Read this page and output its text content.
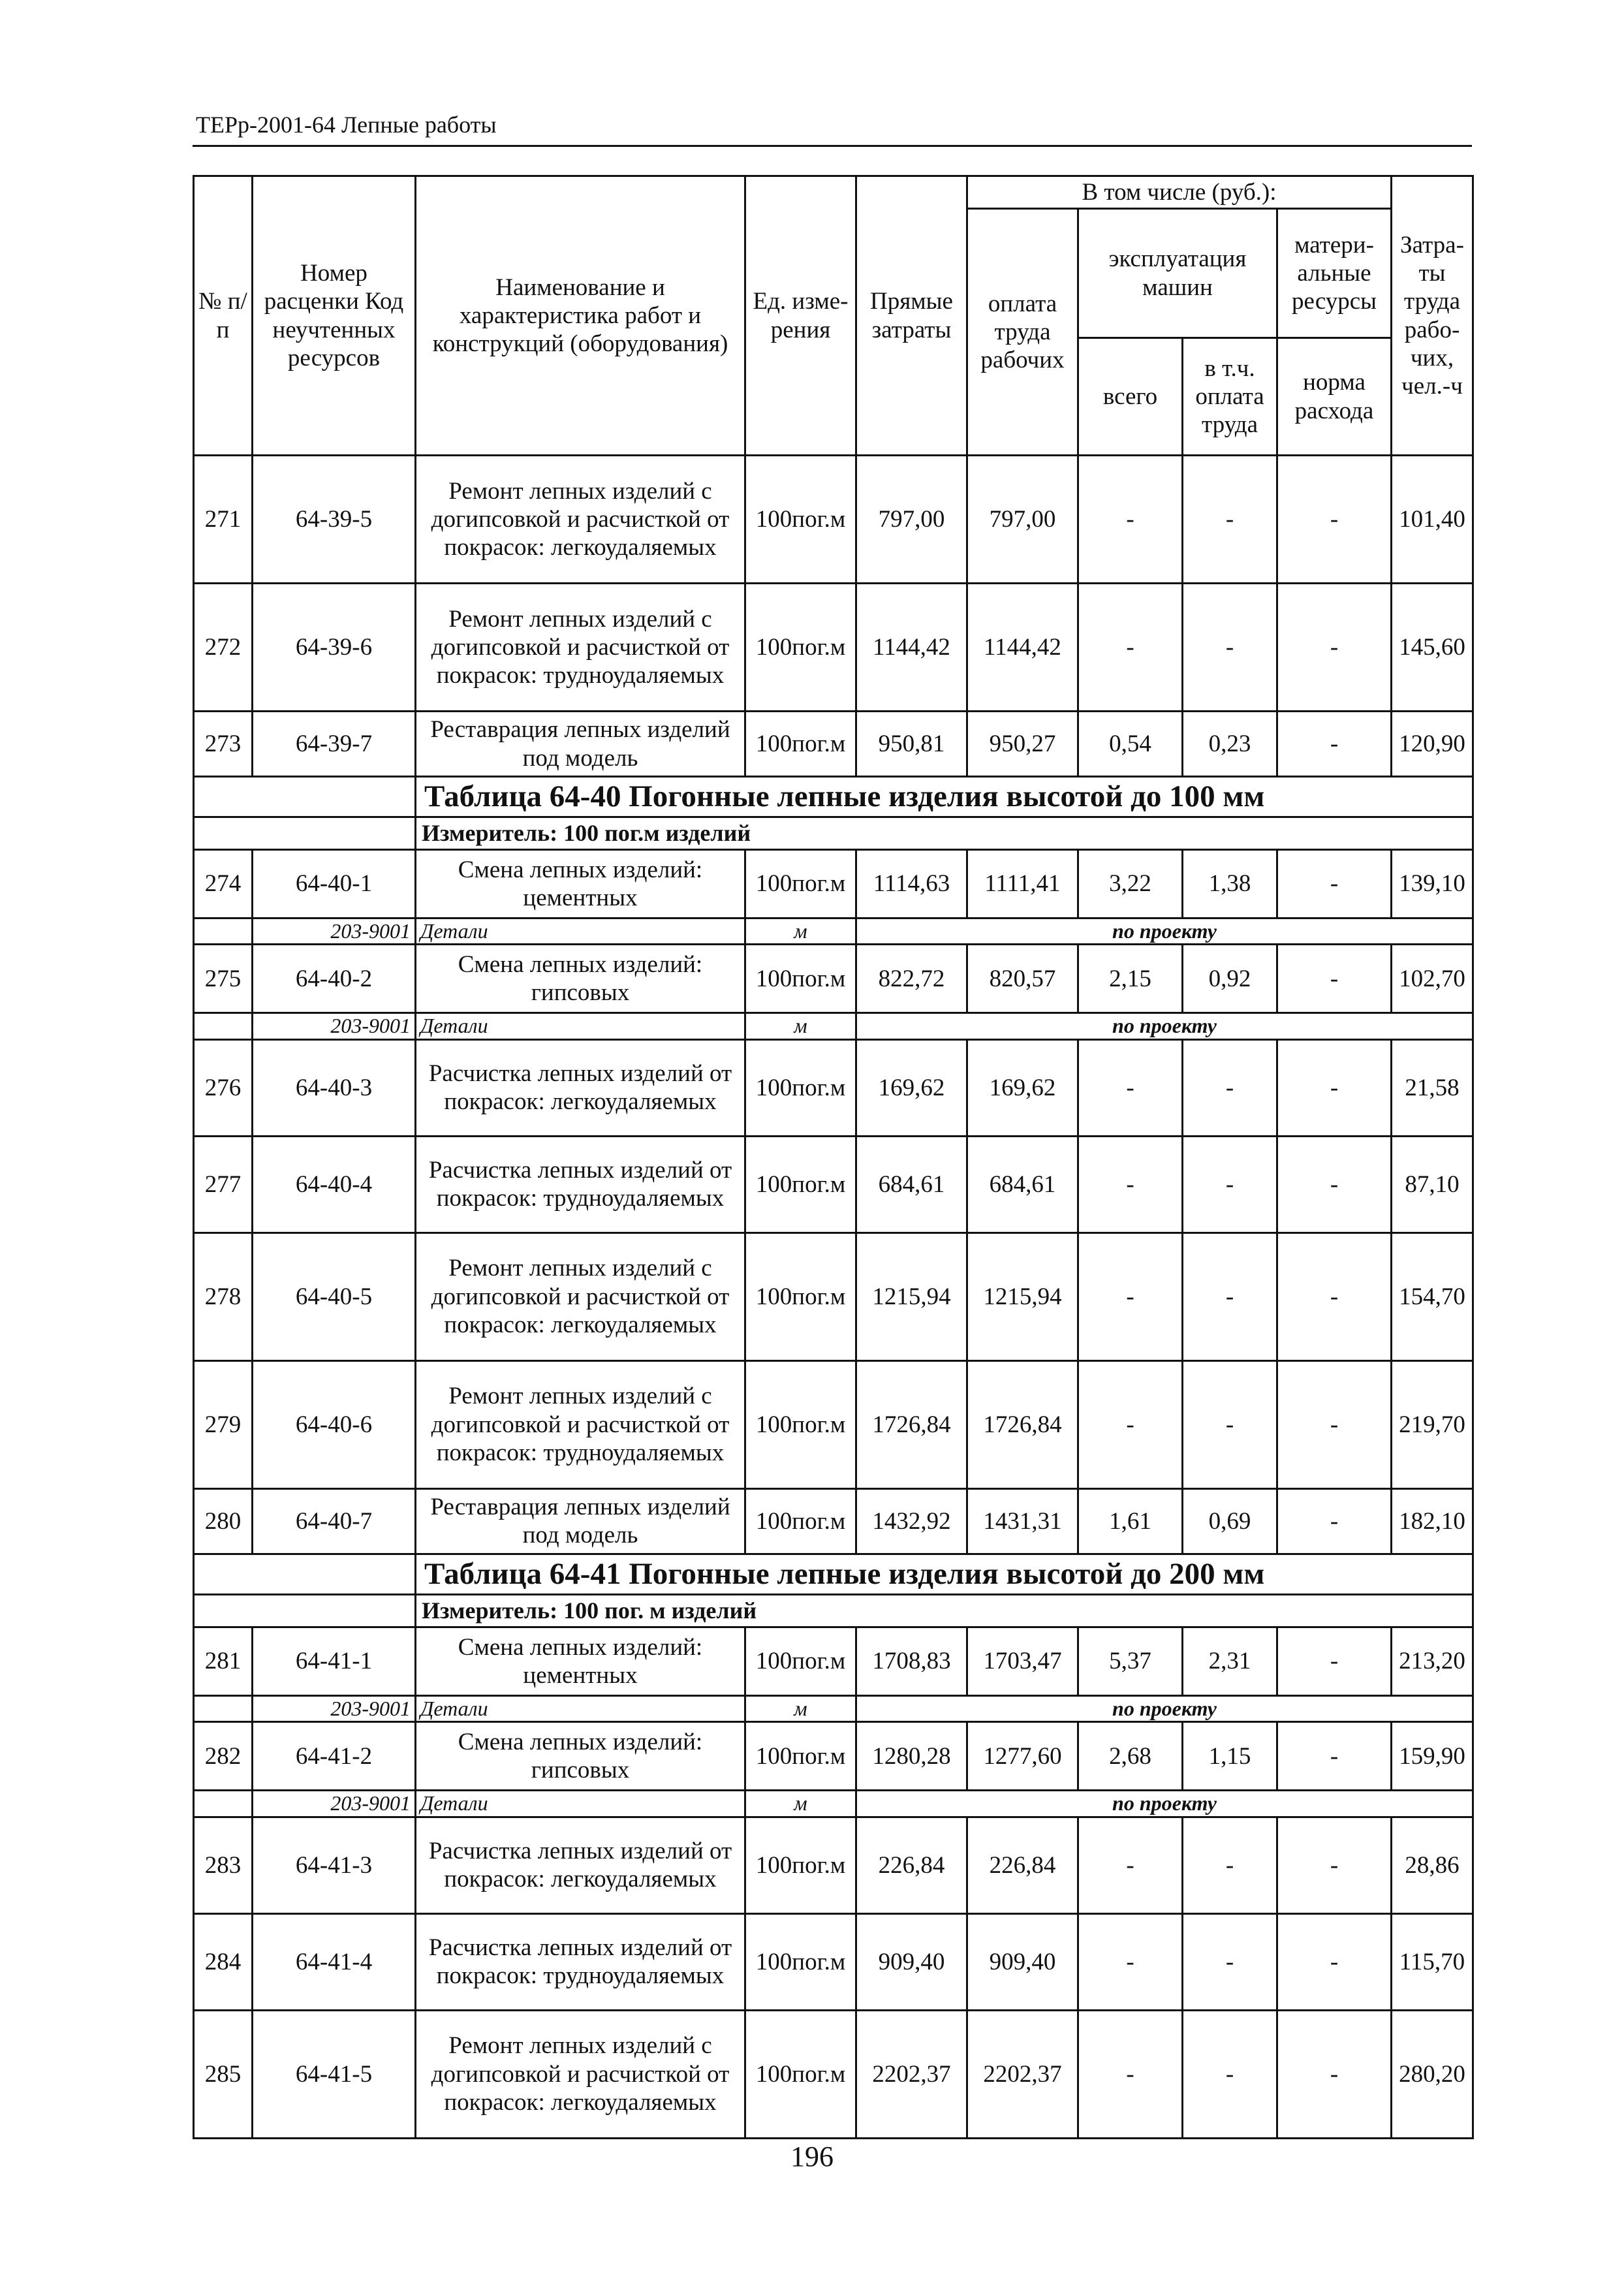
ТЕРр-2001-64 Лепные работы
№ п/п	Номер расценки Код неучтенных ресурсов	Наименование и характеристика работ и конструкций (оборудования)	Ед. изме-рения	Прямые затраты	В том числе (руб.):				Затра-ты труда рабо-чих, чел.-ч
					оплата труда рабочих	эксплуатация машин		матери-альные ресурсы	
						всего	в т.ч. оплата труда	норма расхода	

271	64-39-5	Ремонт лепных изделий с догипсовкой и расчисткой от покрасок: легкоудаляемых	100пог.м	797,00	797,00	-	-	-	101,40
272	64-39-6	Ремонт лепных изделий с догипсовкой и расчисткой от покрасок: трудноудаляемых	100пог.м	1144,42	1144,42	-	-	-	145,60
273	64-39-7	Реставрация лепных изделий под модель	100пог.м	950,81	950,27	0,54	0,23	-	120,90
		Таблица 64-40 Погонные лепные изделия высотой до 100 мм							
		Измеритель: 100 пог.м изделий							
274	64-40-1	Смена лепных изделий: цементных	100пог.м	1114,63	1111,41	3,22	1,38	-	139,10
	203-9001	Детали	м	по проекту					
275	64-40-2	Смена лепных изделий: гипсовых	100пог.м	822,72	820,57	2,15	0,92	-	102,70
	203-9001	Детали	м	по проекту					
276	64-40-3	Расчистка лепных изделий от покрасок: легкоудаляемых	100пог.м	169,62	169,62	-	-	-	21,58
277	64-40-4	Расчистка лепных изделий от покрасок: трудноудаляемых	100пог.м	684,61	684,61	-	-	-	87,10
278	64-40-5	Ремонт лепных изделий с догипсовкой и расчисткой от покрасок: легкоудаляемых	100пог.м	1215,94	1215,94	-	-	-	154,70
279	64-40-6	Ремонт лепных изделий с догипсовкой и расчисткой от покрасок: трудноудаляемых	100пог.м	1726,84	1726,84	-	-	-	219,70
280	64-40-7	Реставрация лепных изделий под модель	100пог.м	1432,92	1431,31	1,61	0,69	-	182,10
		Таблица 64-41 Погонные лепные изделия высотой до 200 мм							
		Измеритель: 100 пог. м изделий							
281	64-41-1	Смена лепных изделий: цементных	100пог.м	1708,83	1703,47	5,37	2,31	-	213,20
	203-9001	Детали	м	по проекту					
282	64-41-2	Смена лепных изделий: гипсовых	100пог.м	1280,28	1277,60	2,68	1,15	-	159,90
	203-9001	Детали	м	по проекту					
283	64-41-3	Расчистка лепных изделий от покрасок: легкоудаляемых	100пог.м	226,84	226,84	-	-	-	28,86
284	64-41-4	Расчистка лепных изделий от покрасок: трудноудаляемых	100пог.м	909,40	909,40	-	-	-	115,70
285	64-41-5	Ремонт лепных изделий с догипсовкой и расчисткой от покрасок: легкоудаляемых	100пог.м	2202,37	2202,37	-	-	-	280,20
196
